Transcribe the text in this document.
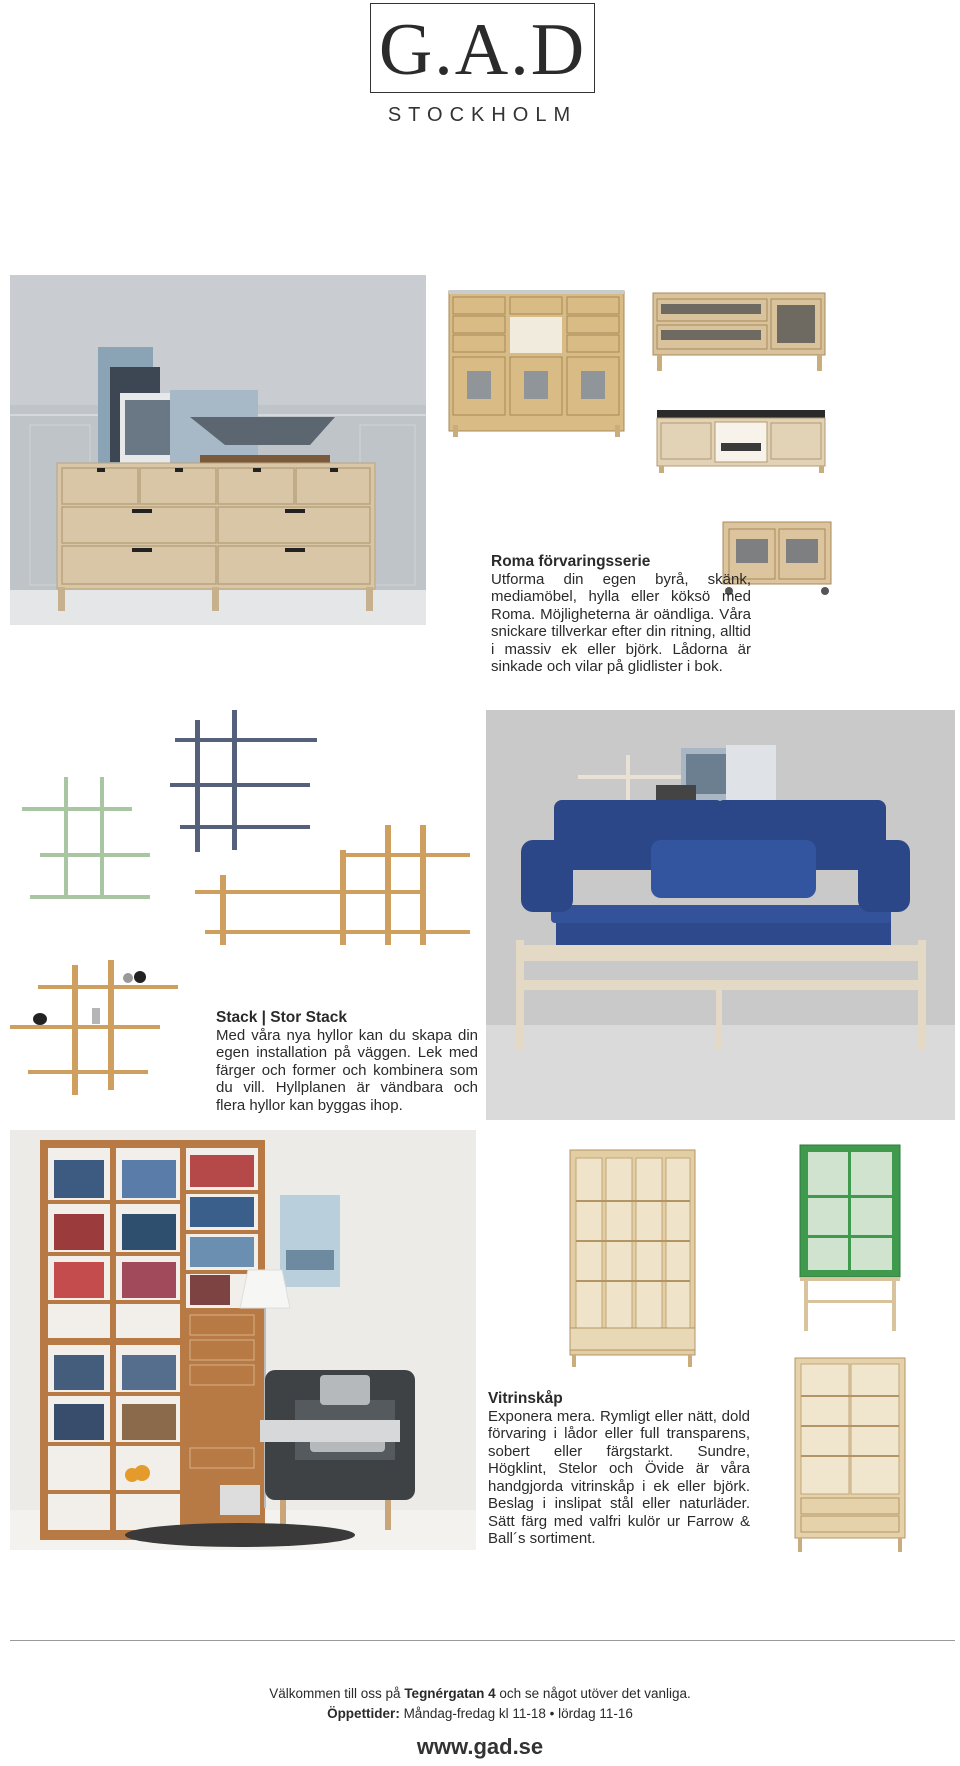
G.A.D
STOCKHOLM
Roma förvaringsserie
Utforma din egen byrå, skänk, mediamöbel, hylla eller köksö med Roma. Möjligheterna är oändliga. Våra snickare tillverkar efter din ritning, alltid i massiv ek eller björk. Lådorna är sinkade och vilar på glidlister i bok.
Stack | Stor Stack
Med våra nya hyllor kan du skapa din egen installation på väggen. Lek med färger och former och kombinera som du vill. Hyllplanen är vändbara och flera hyllor kan byggas ihop.
Vitrinskåp
Exponera mera. Rymligt eller nätt, dold förvaring i lådor eller full transparens, sobert eller färgstarkt. Sundre, Högklint, Stelor och Övide är våra handgjorda vitrinskåp i ek eller björk. Beslag i inslipat stål eller naturläder. Sätt färg med valfri kulör ur Farrow & Ball´s sortiment.
Välkommen till oss på Tegnérgatan 4 och se något utöver det vanliga.
Öppettider: Måndag-fredag kl 11-18 • lördag 11-16
www.gad.se
